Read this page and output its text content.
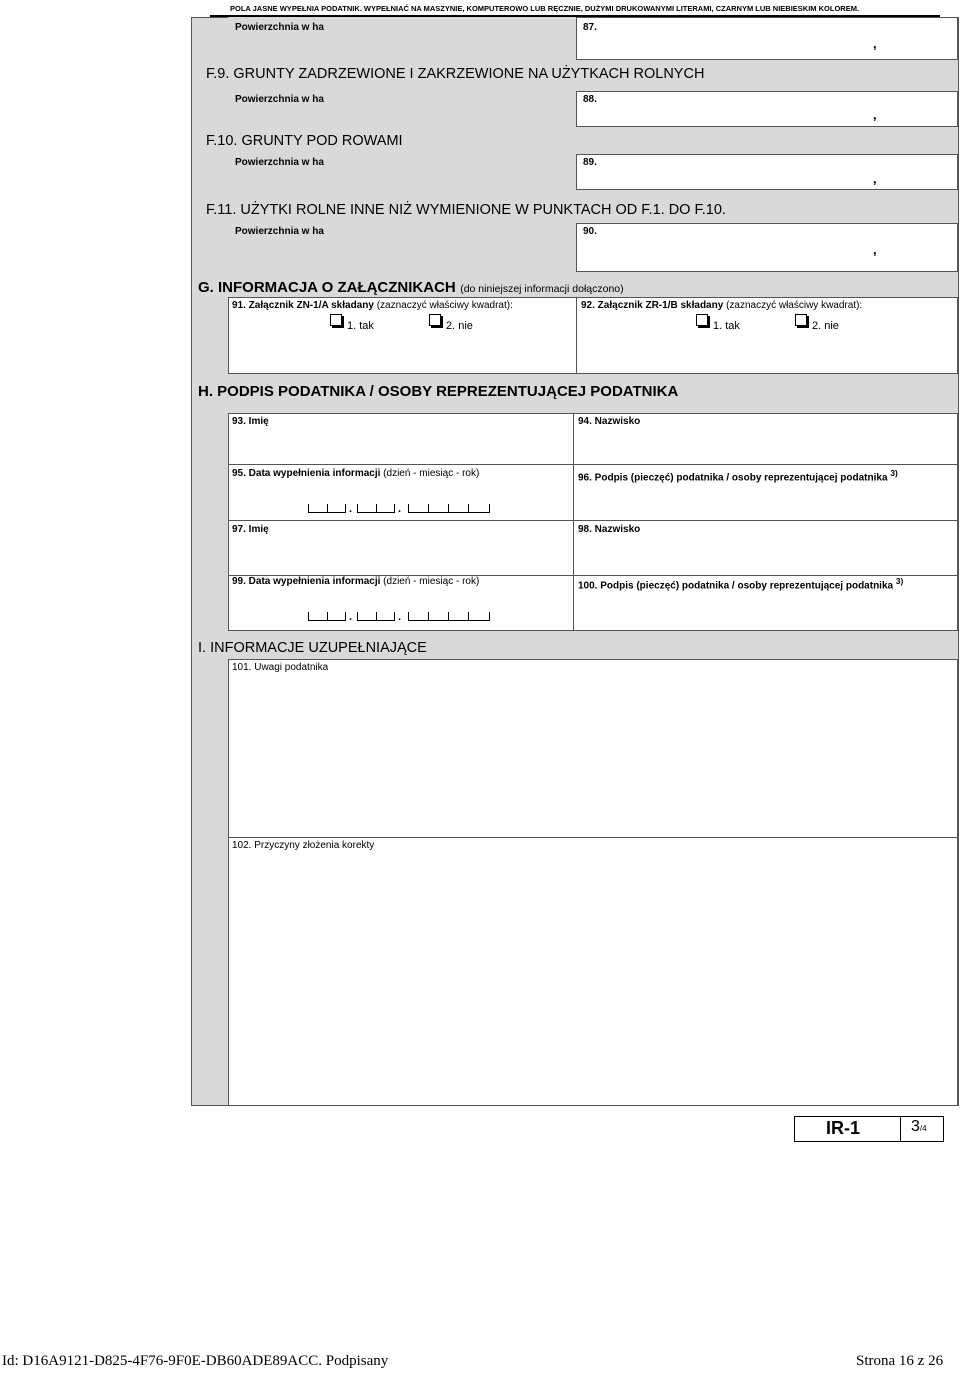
POLA JASNE WYPEŁNIA PODATNIK. WYPEŁNIAĆ NA MASZYNIE, KOMPUTEROWO LUB RĘCZNIE, DUŻYMI DRUKOWANYMI LITERAMI, CZARNYM LUB NIEBIESKIM KOLOREM.
Powierzchnia w ha	87.
,
F.9. GRUNTY ZADRZEWIONE I ZAKRZEWIONE NA UŻYTKACH ROLNYCH
Powierzchnia w ha	88.
,
F.10. GRUNTY POD ROWAMI
Powierzchnia w ha	89.
,
F.11. UŻYTKI ROLNE INNE NIŻ WYMIENIONE W PUNKTACH OD F.1. DO F.10.
Powierzchnia w ha	90.
,
G. INFORMACJA O ZAŁĄCZNIKACH (do niniejszej informacji dołączono)
91. Załącznik ZN-1/A składany (zaznaczyć właściwy kwadrat):
1. tak	2. nie
92. Załącznik ZR-1/B składany (zaznaczyć właściwy kwadrat):
1. tak	2. nie
H. PODPIS PODATNIKA / OSOBY REPREZENTUJĄCEJ PODATNIKA
93. Imię	94. Nazwisko
95. Data wypełnienia informacji (dzień - miesiąc - rok)	96. Podpis (pieczęć) podatnika / osoby reprezentującej podatnika $^{3)}$
.	.
97. Imię	98. Nazwisko
99. Data wypełnienia informacji (dzień - miesiąc - rok)	100. Podpis (pieczęć) podatnika / osoby reprezentującej podatnika $^{3)}$
.	.
I. INFORMACJE UZUPEŁNIAJĄCE
101. Uwagi podatnika
102. Przyczyny złożenia korekty
IR-1	3/4
Id: D16A9121-D825-4F76-9F0E-DB60ADE89ACC. Podpisany	Strona 16 z 26
